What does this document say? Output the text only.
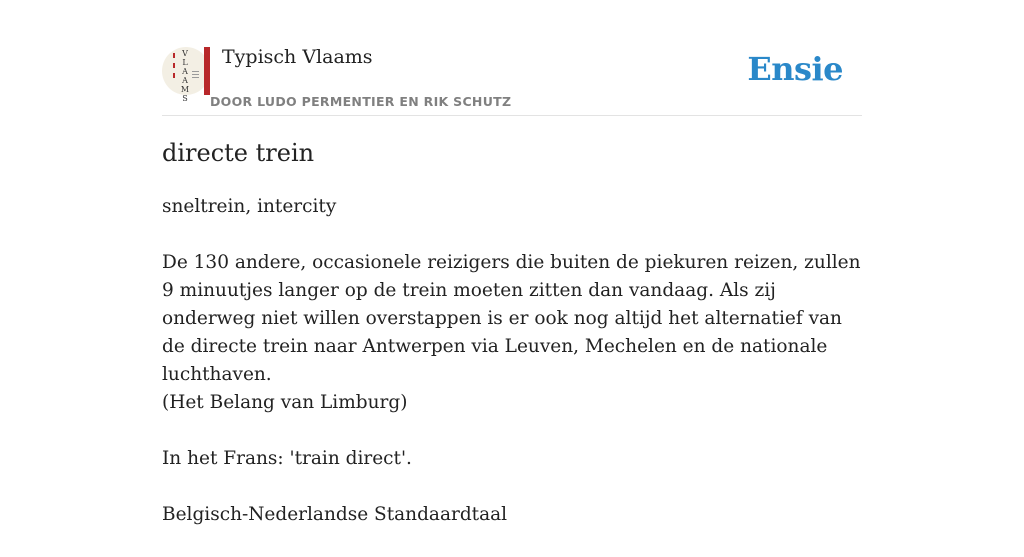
V
L
A
A
M
S
Typisch Vlaams
DOOR LUDO PERMENTIER EN RIK SCHUTZ
Ensie
directe trein

sneltrein, intercity

De 130 andere, occasionele reizigers die buiten de piekuren reizen, zullen 9 minuutjes langer op de trein moeten zitten dan vandaag. Als zij onderweg niet willen overstappen is er ook nog altijd het alternatief van de directe trein naar Antwerpen via Leuven, Mechelen en de nationale luchthaven.
(Het Belang van Limburg)

In het Frans: 'train direct'.

Belgisch-Nederlandse Standaardtaal
